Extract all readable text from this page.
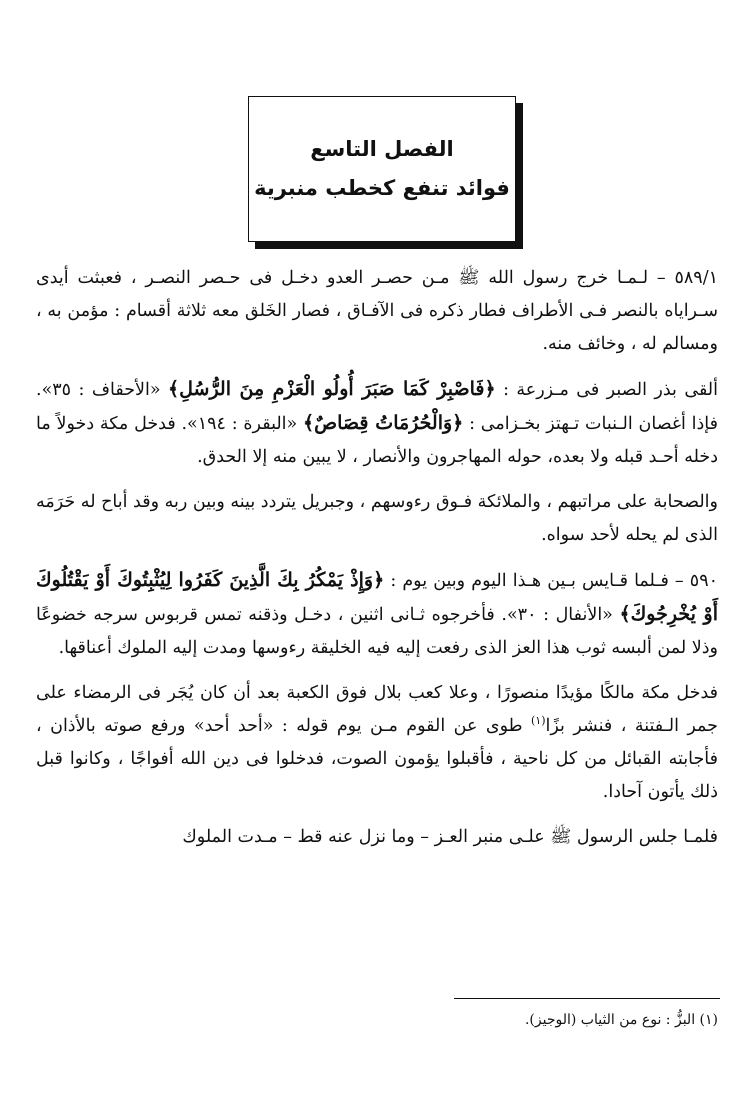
الفصل التاسع
فوائد تنفع كخطب منبرية

٥٨٩/١ – لـمـا خرج رسول الله ﷺ مـن حصـر العدو دخـل فى حـصر النصـر ، فعبثت أيدى سـراياه بالنصر فـى الأطراف فطار ذكره فى الآفـاق ، فصار الخَلق معه ثلاثة أقسام : مؤمن به ، ومسالم له ، وخائف منه.

ألقى بذر الصبر فى مـزرعة : ﴿فَاصْبِرْ كَمَا صَبَرَ أُولُو الْعَزْمِ مِنَ الرُّسُلِ﴾ «الأحقاف : ٣٥». فإذا أغصان الـنبات تـهتز بخـزامى : ﴿وَالْحُرُمَاتُ قِصَاصٌ﴾ «البقرة : ١٩٤». فدخل مكة دخولاً ما دخله أحـد قبله ولا بعده، حوله المهاجرون والأنصار ، لا يبين منه إلا الحدق.

والصحابة على مراتبهم ، والملائكة فـوق رءوسهم ، وجبريل يتردد بينه وبين ربه وقد أباح له حَرَمَه الذى لم يحله لأحد سواه.

٥٩٠ – فـلما قـايس بـين هـذا اليوم وبين يوم : ﴿وَإِذْ يَمْكُرُ بِكَ الَّذِينَ كَفَرُوا لِيُثْبِتُوكَ أَوْ يَقْتُلُوكَ أَوْ يُخْرِجُوكَ﴾ «الأنفال : ٣٠». فأخرجوه ثـانى اثنين ، دخـل وذقنه تمس قربوس سرجه خضوعًا وذلا لمن ألبسه ثوب هذا العز الذى رفعت إليه فيه الخليقة رءوسها ومدت إليه الملوك أعناقها.

فدخل مكة مالكًا مؤيدًا منصورًا ، وعلا كعب بلال فوق الكعبة بعد أن كان يُجَر فى الرمضاء على جمر الـفتنة ، فنشر بزًا$^{(١)}$ طوى عن القوم مـن يوم قوله : «أحد أحد» ورفع صوته بالأذان ، فأجابته القبائل من كل ناحية ، فأقبلوا يؤمون الصوت، فدخلوا فى دين الله أفواجًا ، وكانوا قبل ذلك يأتون آحادا.

فلمـا جلس الرسول ﷺ علـى منبر العـز – وما نزل عنه قط – مـدت الملوك

(١) البزُّ : نوع من الثياب (الوجيز).
